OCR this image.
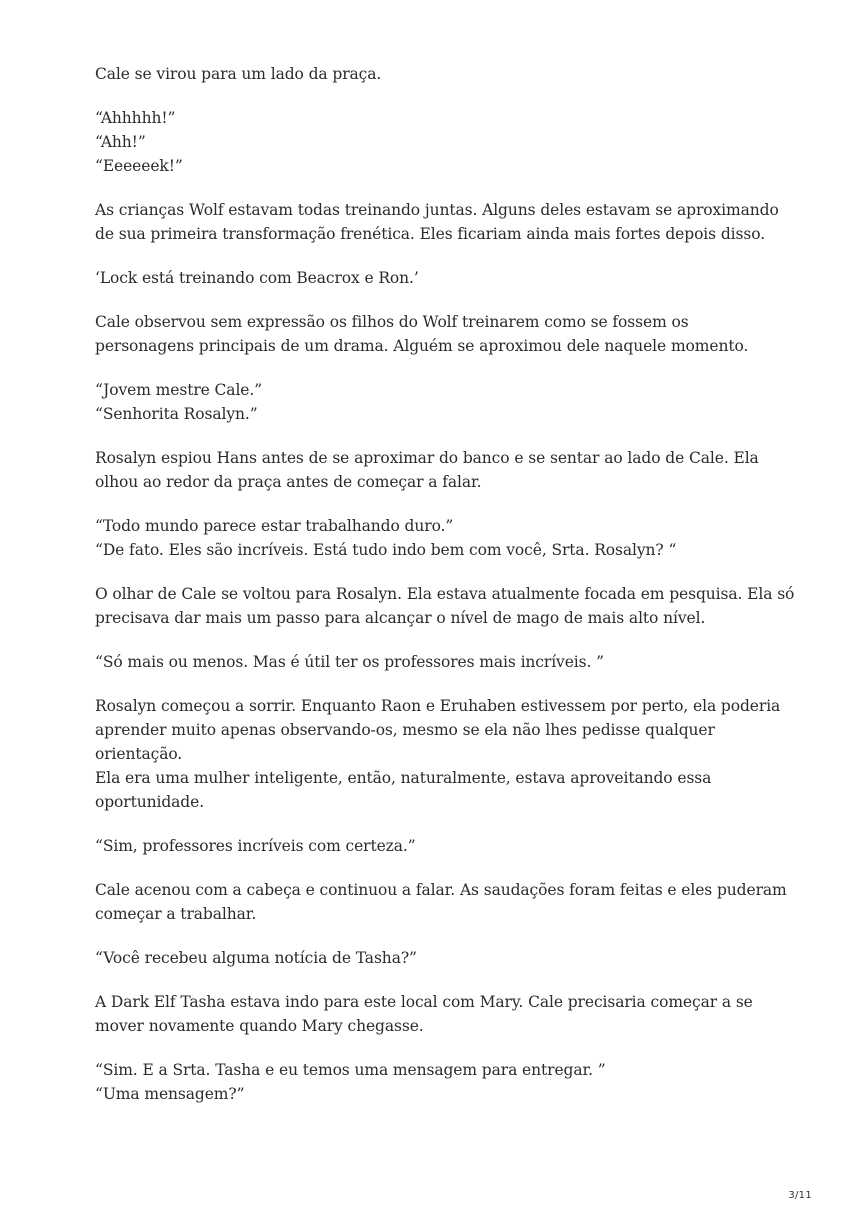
Cale se virou para um lado da praça.

“Ahhhhh!”
“Ahh!”
“Eeeeeek!”

As crianças Wolf estavam todas treinando juntas. Alguns deles estavam se aproximando
de sua primeira transformação frenética. Eles ficariam ainda mais fortes depois disso.

‘Lock está treinando com Beacrox e Ron.’

Cale observou sem expressão os filhos do Wolf treinarem como se fossem os
personagens principais de um drama. Alguém se aproximou dele naquele momento.

“Jovem mestre Cale.”
“Senhorita Rosalyn.”

Rosalyn espiou Hans antes de se aproximar do banco e se sentar ao lado de Cale. Ela
olhou ao redor da praça antes de começar a falar.

“Todo mundo parece estar trabalhando duro.”
“De fato. Eles são incríveis. Está tudo indo bem com você, Srta. Rosalyn? “

O olhar de Cale se voltou para Rosalyn. Ela estava atualmente focada em pesquisa. Ela só
precisava dar mais um passo para alcançar o nível de mago de mais alto nível.

“Só mais ou menos. Mas é útil ter os professores mais incríveis. ”

Rosalyn começou a sorrir. Enquanto Raon e Eruhaben estivessem por perto, ela poderia
aprender muito apenas observando-os, mesmo se ela não lhes pedisse qualquer
orientação.
Ela era uma mulher inteligente, então, naturalmente, estava aproveitando essa
oportunidade.

“Sim, professores incríveis com certeza.”

Cale acenou com a cabeça e continuou a falar. As saudações foram feitas e eles puderam
começar a trabalhar.

“Você recebeu alguma notícia de Tasha?”

A Dark Elf Tasha estava indo para este local com Mary. Cale precisaria começar a se
mover novamente quando Mary chegasse.

“Sim. E a Srta. Tasha e eu temos uma mensagem para entregar. ”
“Uma mensagem?”

3/11
